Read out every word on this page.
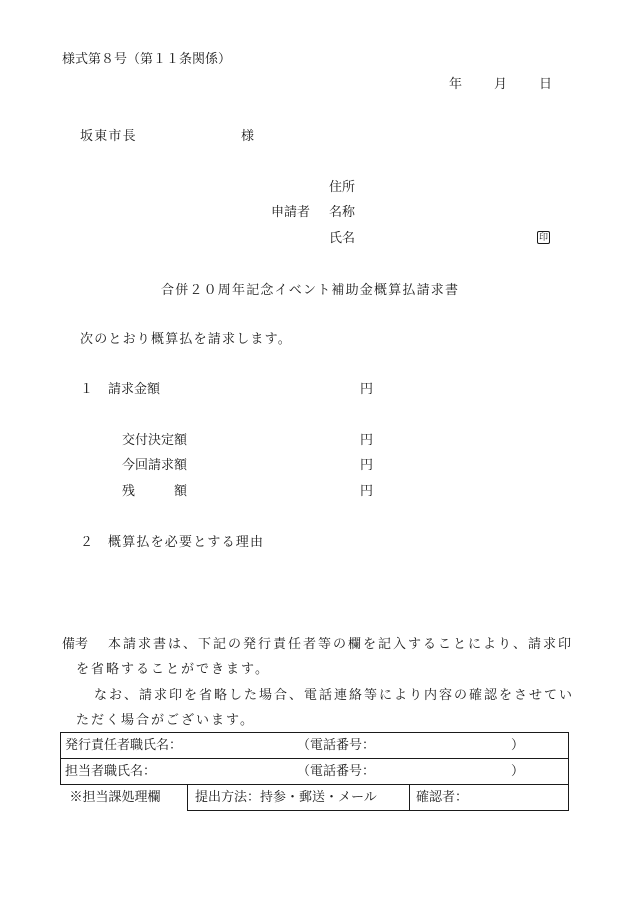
様式第８号（第１１条関係）
年 月 日
坂東市長	様
住所
申請者 名称
氏名	印
合併２０周年記念イベント補助金概算払請求書
次のとおり概算払を請求します。
１ 請求金額	円
交付決定額	円
今回請求額	円
残　　　額	円
２ 概算払を必要とする理由
備考 本請求書は、下記の発行責任者等の欄を記入することにより、請求印
を省略することができます。
なお、請求印を省略した場合、電話連絡等により内容の確認をさせてい
ただく場合がございます。
発行責任者職氏名：	（電話番号：	）

担当者職氏名：	（電話番号：	）

※担当課処理欄	提出方法：持参・郵送・メール	確認者：
